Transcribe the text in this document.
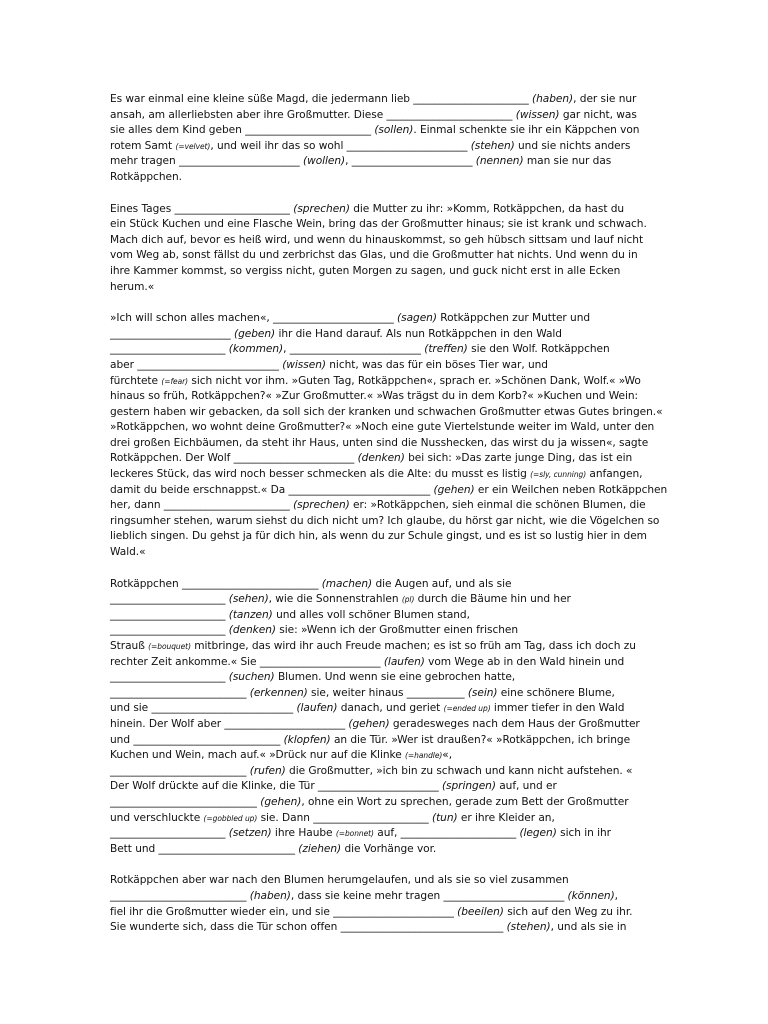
Es war einmal eine kleine süße Magd, die jedermann lieb ______________________ (haben), der sie nur
ansah, am allerliebsten aber ihre Großmutter. Diese ________________________ (wissen) gar nicht, was
sie alles dem Kind geben ________________________ (sollen). Einmal schenkte sie ihr ein Käppchen von
rotem Samt (=velvet), und weil ihr das so wohl _______________________ (stehen) und sie nichts anders
mehr tragen _______________________ (wollen), _______________________ (nennen) man sie nur das
Rotkäppchen.
Eines Tages ______________________ (sprechen) die Mutter zu ihr: »Komm, Rotkäppchen, da hast du
ein Stück Kuchen und eine Flasche Wein, bring das der Großmutter hinaus; sie ist krank und schwach.
Mach dich auf, bevor es heiß wird, und wenn du hinauskommst, so geh hübsch sittsam und lauf nicht
vom Weg ab, sonst fällst du und zerbrichst das Glas, und die Großmutter hat nichts. Und wenn du in
ihre Kammer kommst, so vergiss nicht, guten Morgen zu sagen, und guck nicht erst in alle Ecken
herum.«
»Ich will schon alles machen«, _______________________ (sagen) Rotkäppchen zur Mutter und
_______________________ (geben) ihr die Hand darauf. Als nun Rotkäppchen in den Wald
______________________ (kommen), _________________________ (treffen) sie den Wolf. Rotkäppchen
aber ___________________________ (wissen) nicht, was das für ein böses Tier war, und
fürchtete (=fear) sich nicht vor ihm. »Guten Tag, Rotkäppchen«, sprach er. »Schönen Dank, Wolf.« »Wo
hinaus so früh, Rotkäppchen?« »Zur Großmutter.« »Was trägst du in dem Korb?« »Kuchen und Wein:
gestern haben wir gebacken, da soll sich der kranken und schwachen Großmutter etwas Gutes bringen.«
»Rotkäppchen, wo wohnt deine Großmutter?« »Noch eine gute Viertelstunde weiter im Wald, unter den
drei großen Eichbäumen, da steht ihr Haus, unten sind die Nusshecken, das wirst du ja wissen«, sagte
Rotkäppchen. Der Wolf _______________________ (denken) bei sich: »Das zarte junge Ding, das ist ein
leckeres Stück, das wird noch besser schmecken als die Alte: du musst es listig (=sly, cunning) anfangen,
damit du beide erschnappst.« Da ___________________________ (gehen) er ein Weilchen neben Rotkäppchen
her, dann ________________________ (sprechen) er: »Rotkäppchen, sieh einmal die schönen Blumen, die
ringsumher stehen, warum siehst du dich nicht um? Ich glaube, du hörst gar nicht, wie die Vögelchen so
lieblich singen. Du gehst ja für dich hin, als wenn du zur Schule gingst, und es ist so lustig hier in dem
Wald.«
Rotkäppchen __________________________ (machen) die Augen auf, und als sie
______________________ (sehen), wie die Sonnenstrahlen (pl) durch die Bäume hin und her
______________________ (tanzen) und alles voll schöner Blumen stand,
______________________ (denken) sie: »Wenn ich der Großmutter einen frischen
Strauß (=bouquet) mitbringe, das wird ihr auch Freude machen; es ist so früh am Tag, dass ich doch zu
rechter Zeit ankomme.« Sie _______________________ (laufen) vom Wege ab in den Wald hinein und
______________________ (suchen) Blumen. Und wenn sie eine gebrochen hatte,
__________________________ (erkennen) sie, weiter hinaus ___________ (sein) eine schönere Blume,
und sie ___________________________ (laufen) danach, und geriet (=ended up) immer tiefer in den Wald
hinein. Der Wolf aber _______________________ (gehen) geradesweges nach dem Haus der Großmutter
und ____________________________ (klopfen) an die Tür. »Wer ist draußen?« »Rotkäppchen, ich bringe
Kuchen und Wein, mach auf.« »Drück nur auf die Klinke (=handle)«,
__________________________ (rufen) die Großmutter, »ich bin zu schwach und kann nicht aufstehen. «
Der Wolf drückte auf die Klinke, die Tür _______________________ (springen) auf, und er
____________________________ (gehen), ohne ein Wort zu sprechen, gerade zum Bett der Großmutter
und verschluckte (=gobbled up) sie. Dann ______________________ (tun) er ihre Kleider an,
______________________ (setzen) ihre Haube (=bonnet) auf, ______________________ (legen) sich in ihr
Bett und __________________________ (ziehen) die Vorhänge vor.
Rotkäppchen aber war nach den Blumen herumgelaufen, und als sie so viel zusammen
__________________________ (haben), dass sie keine mehr tragen _______________________ (können),
fiel ihr die Großmutter wieder ein, und sie _______________________ (beeilen) sich auf den Weg zu ihr.
Sie wunderte sich, dass die Tür schon offen _______________________________ (stehen), und als sie in
